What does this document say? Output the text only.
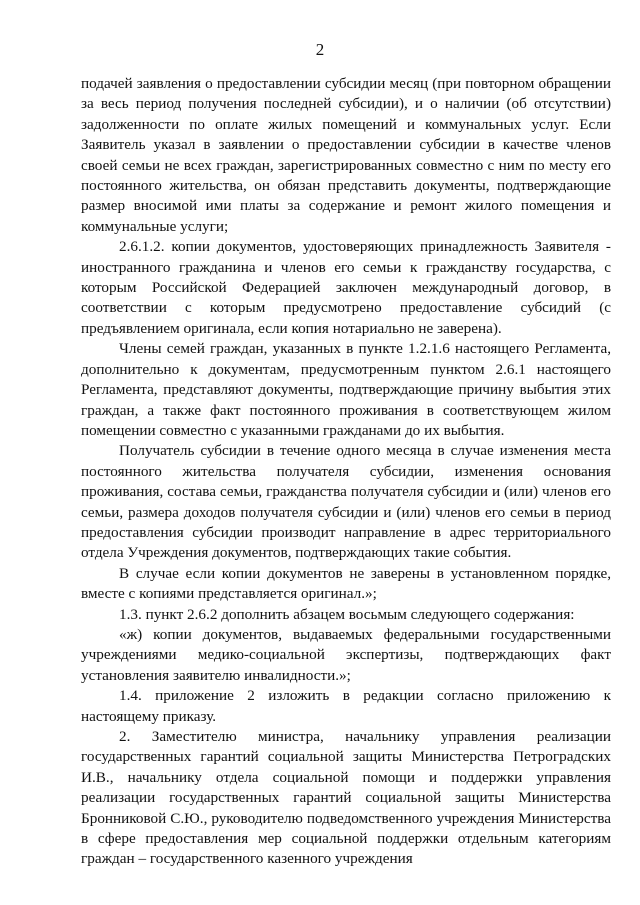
2

подачей заявления о предоставлении субсидии месяц (при повторном обращении за весь период получения последней субсидии), и о наличии (об отсутствии) задолженности по оплате жилых помещений и коммунальных услуг. Если Заявитель указал в заявлении о предоставлении субсидии в качестве членов своей семьи не всех граждан, зарегистрированных совместно с ним по месту его постоянного жительства, он обязан представить документы, подтверждающие размер вносимой ими платы за содержание и ремонт жилого помещения и коммунальные услуги;

2.6.1.2. копии документов, удостоверяющих принадлежность Заявителя - иностранного гражданина и членов его семьи к гражданству государства, с которым Российской Федерацией заключен международный договор, в соответствии с которым предусмотрено предоставление субсидий (с предъявлением оригинала, если копия нотариально не заверена).

Члены семей граждан, указанных в пункте 1.2.1.6 настоящего Регламента, дополнительно к документам, предусмотренным пунктом 2.6.1 настоящего Регламента, представляют документы, подтверждающие причину выбытия этих граждан, а также факт постоянного проживания в соответствующем жилом помещении совместно с указанными гражданами до их выбытия.

Получатель субсидии в течение одного месяца в случае изменения места постоянного жительства получателя субсидии, изменения основания проживания, состава семьи, гражданства получателя субсидии и (или) членов его семьи, размера доходов получателя субсидии и (или) членов его семьи в период предоставления субсидии производит направление в адрес территориального отдела Учреждения документов, подтверждающих такие события.

В случае если копии документов не заверены в установленном порядке, вместе с копиями представляется оригинал.»;

1.3. пункт 2.6.2 дополнить абзацем восьмым следующего содержания:

«ж) копии документов, выдаваемых федеральными государственными учреждениями медико-социальной экспертизы, подтверждающих факт установления заявителю инвалидности.»;

1.4. приложение 2 изложить в редакции согласно приложению к настоящему приказу.

2. Заместителю министра, начальнику управления реализации государственных гарантий социальной защиты Министерства Петроградских И.В., начальнику отдела социальной помощи и поддержки управления реализации государственных гарантий социальной защиты Министерства Бронниковой С.Ю., руководителю подведомственного учреждения Министерства в сфере предоставления мер социальной поддержки отдельным категориям граждан – государственного казенного учреждения
